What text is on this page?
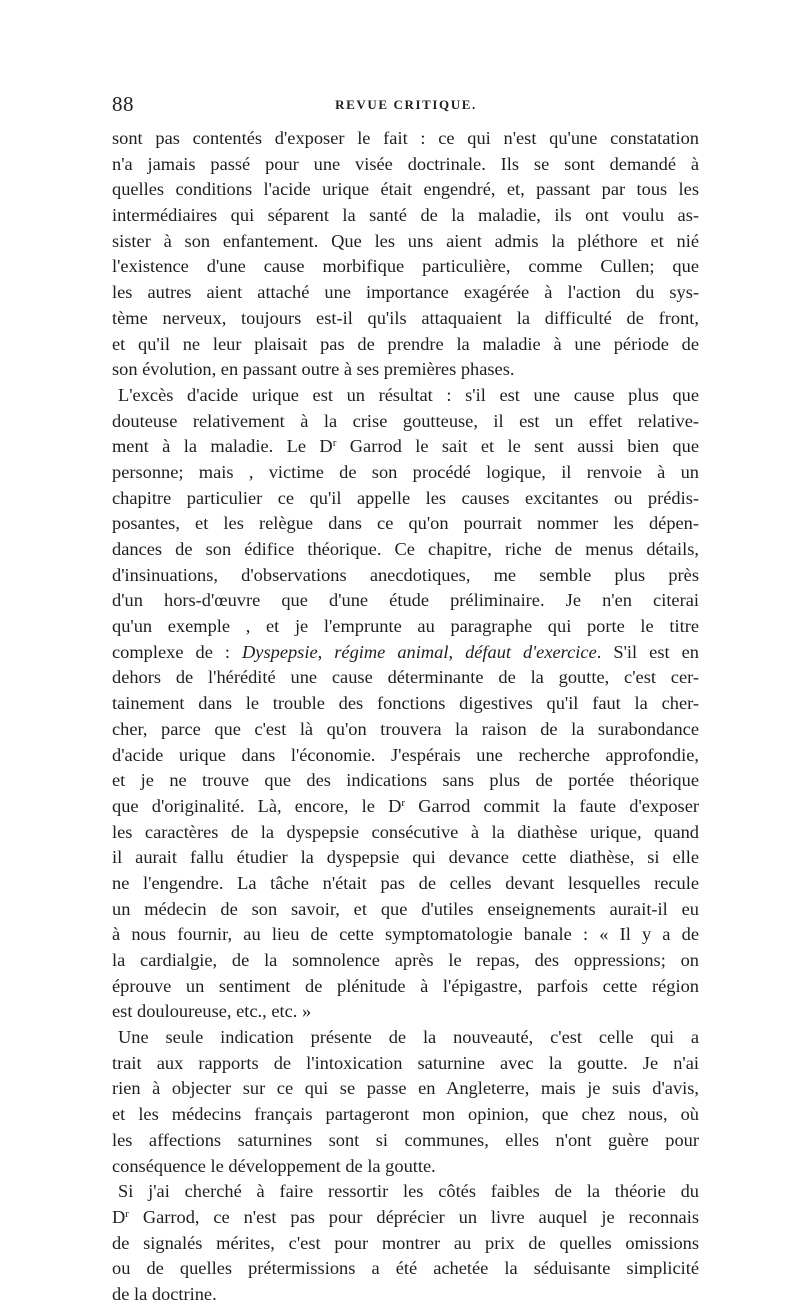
88	REVUE CRITIQUE.
sont pas contentés d'exposer le fait : ce qui n'est qu'une constatation
n'a jamais passé pour une visée doctrinale. Ils se sont demandé à
quelles conditions l'acide urique était engendré, et, passant par tous les
intermédiaires qui séparent la santé de la maladie, ils ont voulu as-
sister à son enfantement. Que les uns aient admis la pléthore et nié
l'existence d'une cause morbifique particulière, comme Cullen; que
les autres aient attaché une importance exagérée à l'action du sys-
tème nerveux, toujours est-il qu'ils attaquaient la difficulté de front,
et qu'il ne leur plaisait pas de prendre la maladie à une période de
son évolution, en passant outre à ses premières phases.
L'excès d'acide urique est un résultat : s'il est une cause plus que
douteuse relativement à la crise goutteuse, il est un effet relative-
ment à la maladie. Le $D^r$ Garrod le sait et le sent aussi bien que
personne; mais , victime de son procédé logique, il renvoie à un
chapitre particulier ce qu'il appelle les causes excitantes ou prédis-
posantes, et les relègue dans ce qu'on pourrait nommer les dépen-
dances de son édifice théorique. Ce chapitre, riche de menus détails,
d'insinuations, d'observations anecdotiques, me semble plus près
d'un hors-d'œuvre que d'une étude préliminaire. Je n'en citerai
qu'un exemple , et je l'emprunte au paragraphe qui porte le titre
complexe de : Dyspepsie, régime animal, défaut d'exercice. S'il est en
dehors de l'hérédité une cause déterminante de la goutte, c'est cer-
tainement dans le trouble des fonctions digestives qu'il faut la cher-
cher, parce que c'est là qu'on trouvera la raison de la surabondance
d'acide urique dans l'économie. J'espérais une recherche approfondie,
et je ne trouve que des indications sans plus de portée théorique
que d'originalité. Là, encore, le $D^r$ Garrod commit la faute d'exposer
les caractères de la dyspepsie consécutive à la diathèse urique, quand
il aurait fallu étudier la dyspepsie qui devance cette diathèse, si elle
ne l'engendre. La tâche n'était pas de celles devant lesquelles recule
un médecin de son savoir, et que d'utiles enseignements aurait-il eu
à nous fournir, au lieu de cette symptomatologie banale : « Il y a de
la cardialgie, de la somnolence après le repas, des oppressions; on
éprouve un sentiment de plénitude à l'épigastre, parfois cette région
est douloureuse, etc., etc. »
Une seule indication présente de la nouveauté, c'est celle qui a
trait aux rapports de l'intoxication saturnine avec la goutte. Je n'ai
rien à objecter sur ce qui se passe en Angleterre, mais je suis d'avis,
et les médecins français partageront mon opinion, que chez nous, où
les affections saturnines sont si communes, elles n'ont guère pour
conséquence le développement de la goutte.
Si j'ai cherché à faire ressortir les côtés faibles de la théorie du
$D^r$ Garrod, ce n'est pas pour déprécier un livre auquel je reconnais
de signalés mérites, c'est pour montrer au prix de quelles omissions
ou de quelles prétermissions a été achetée la séduisante simplicité
de la doctrine.
